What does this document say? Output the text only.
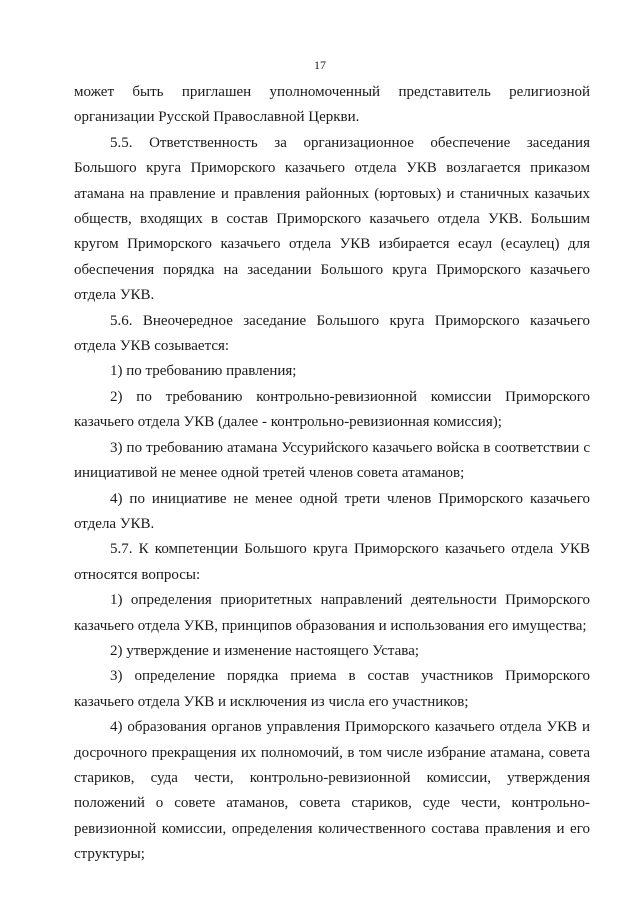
17

может быть приглашен уполномоченный представитель религиозной организации Русской Православной Церкви.

5.5. Ответственность за организационное обеспечение заседания Большого круга Приморского казачьего отдела УКВ возлагается приказом атамана на правление и правления районных (юртовых) и станичных казачьих обществ, входящих в состав Приморского казачьего отдела УКВ. Большим кругом Приморского казачьего отдела УКВ избирается есаул (есаулец) для обеспечения порядка на заседании Большого круга Приморского казачьего отдела УКВ.

5.6. Внеочередное заседание Большого круга Приморского казачьего отдела УКВ созывается:

1) по требованию правления;

2) по требованию контрольно-ревизионной комиссии Приморского казачьего отдела УКВ (далее - контрольно-ревизионная комиссия);

3) по требованию атамана Уссурийского казачьего войска в соответствии с инициативой не менее одной третей членов совета атаманов;

4) по инициативе не менее одной трети членов Приморского казачьего отдела УКВ.

5.7. К компетенции Большого круга Приморского казачьего отдела УКВ относятся вопросы:

1) определения приоритетных направлений деятельности Приморского казачьего отдела УКВ, принципов образования и использования его имущества;

2) утверждение и изменение настоящего Устава;

3) определение порядка приема в состав участников Приморского казачьего отдела УКВ и исключения из числа его участников;

4) образования органов управления Приморского казачьего отдела УКВ и досрочного прекращения их полномочий, в том числе избрание атамана, совета стариков, суда чести, контрольно-ревизионной комиссии, утверждения положений о совете атаманов, совета стариков, суде чести, контрольно-ревизионной комиссии, определения количественного состава правления и его структуры;
